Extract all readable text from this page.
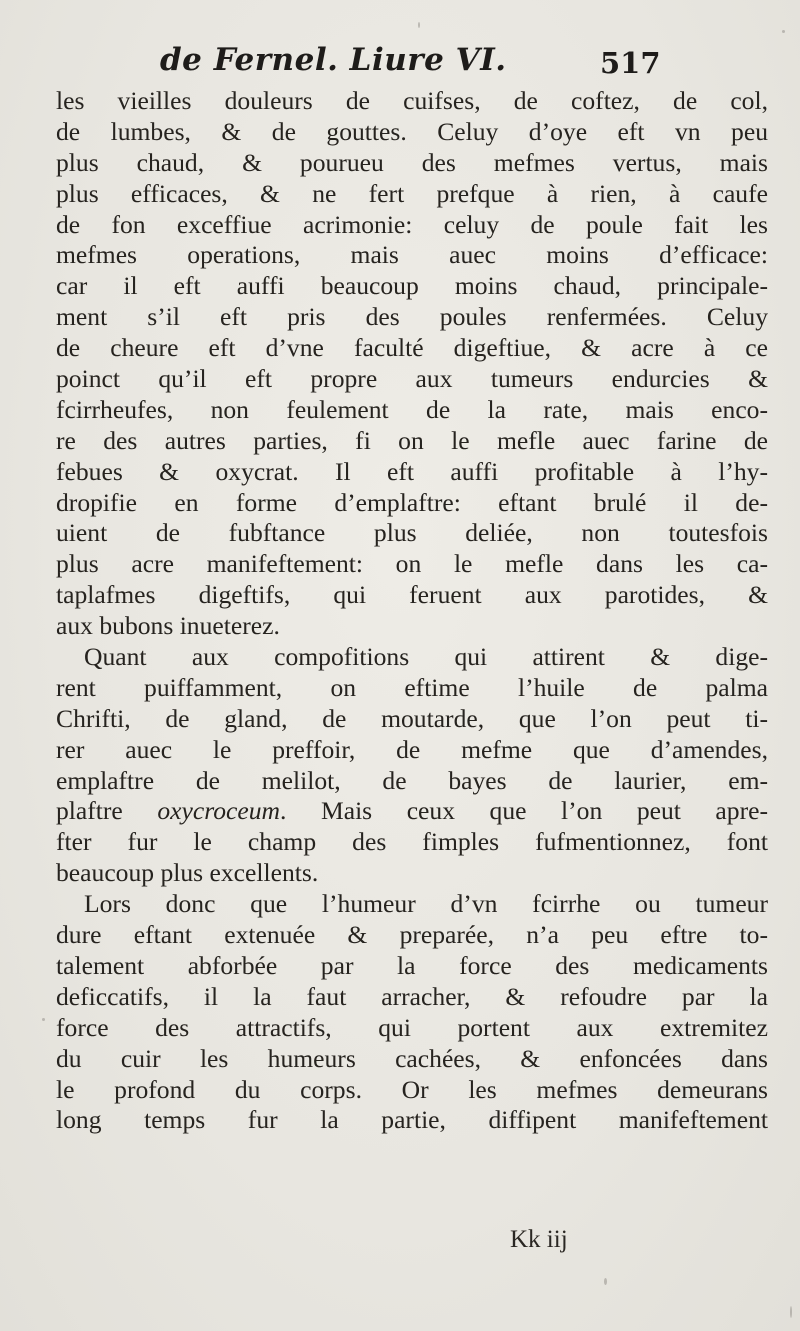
de Fernel. Liure VI.	517
les vieilles douleurs de cuifses, de coftez, de col,
de lumbes, & de gouttes. Celuy d’oye eft vn peu
plus chaud, & pourueu des mefmes vertus, mais
plus efficaces, & ne fert prefque à rien, à caufe
de fon exceffiue acrimonie: celuy de poule fait les
mefmes operations, mais auec moins d’efficace:
car il eft auffi beaucoup moins chaud, principale-
ment s’il eft pris des poules renfermées. Celuy
de cheure eft d’vne faculté digeftiue, & acre à ce
poinct qu’il eft propre aux tumeurs endurcies &
fcirrheufes, non feulement de la rate, mais enco-
re des autres parties, fi on le mefle auec farine de
febues & oxycrat. Il eft auffi profitable à l’hy-
dropifie en forme d’emplaftre: eftant brulé il de-
uient de fubftance plus deliée, non toutesfois
plus acre manifeftement: on le mefle dans les ca-
taplafmes digeftifs, qui feruent aux parotides, &
aux bubons inueterez.
Quant aux compofitions qui attirent & dige-
rent puiffamment, on eftime l’huile de palma
Chrifti, de gland, de moutarde, que l’on peut ti-
rer auec le preffoir, de mefme que d’amendes,
emplaftre de melilot, de bayes de laurier, em-
plaftre oxycroceum. Mais ceux que l’on peut apre-
fter fur le champ des fimples fufmentionnez, font
beaucoup plus excellents.
Lors donc que l’humeur d’vn fcirrhe ou tumeur
dure eftant extenuée & preparée, n’a peu eftre to-
talement abforbée par la force des medicaments
deficcatifs, il la faut arracher, & refoudre par la
force des attractifs, qui portent aux extremitez
du cuir les humeurs cachées, & enfoncées dans
le profond du corps. Or les mefmes demeurans
long temps fur la partie, diffipent manifeftement
Kk iij
